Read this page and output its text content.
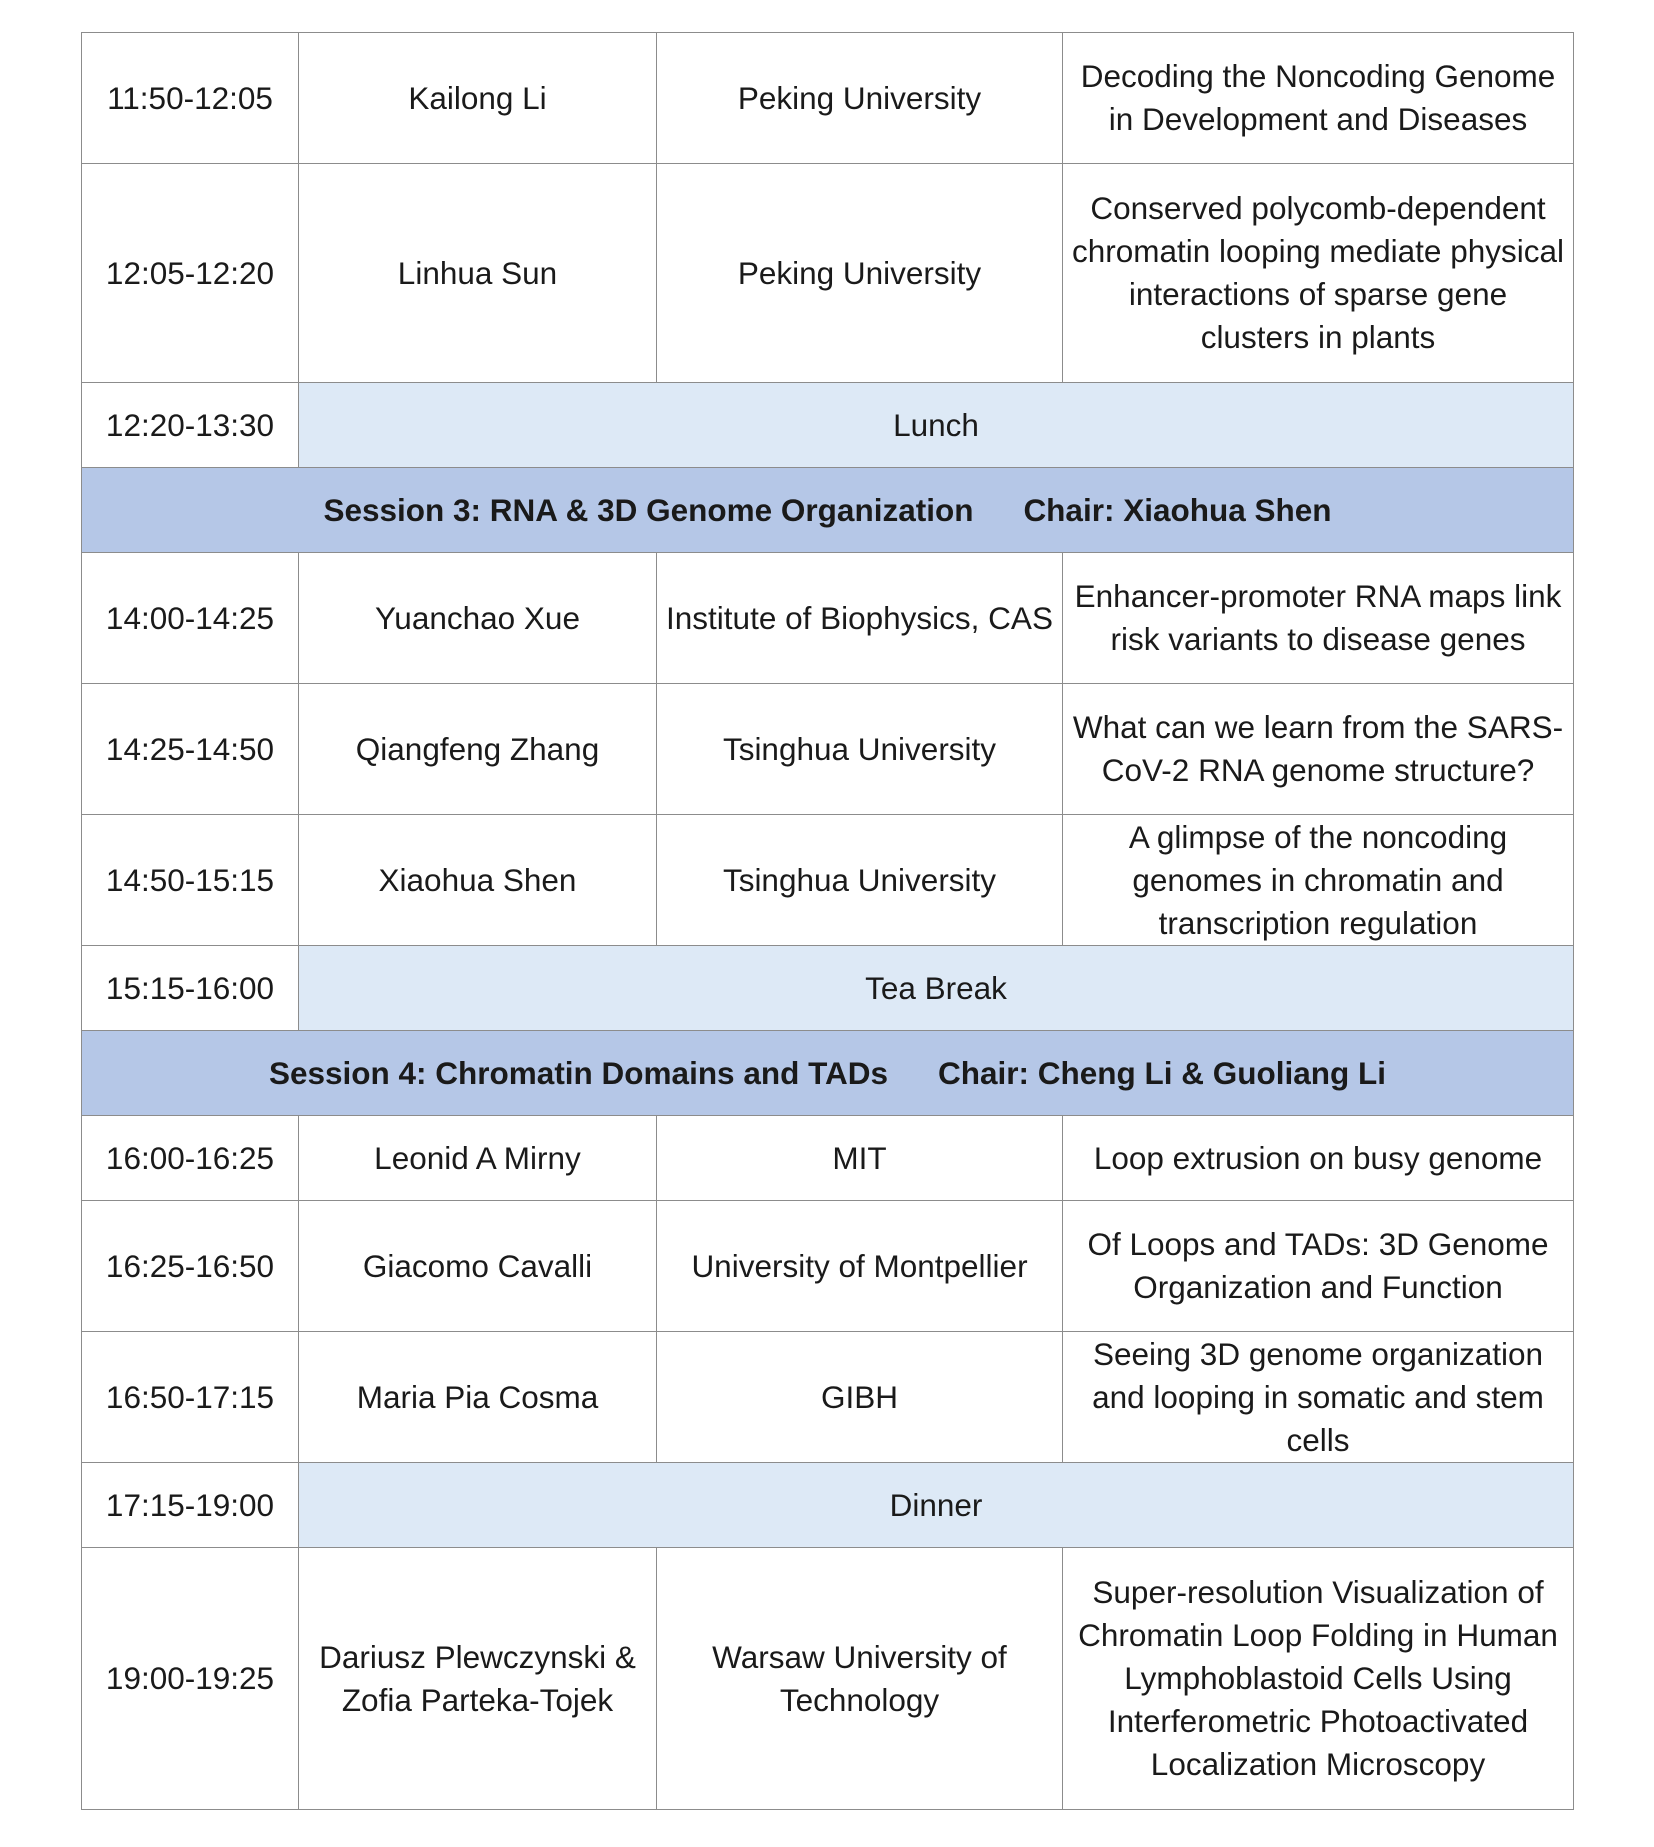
11:50-12:05	Kailong Li	Peking University	Decoding the Noncoding Genome in Development and Diseases
12:05-12:20	Linhua Sun	Peking University	Conserved polycomb-dependent chromatin looping mediate physical interactions of sparse gene clusters in plants
12:20-13:30	Lunch		
Session 3: RNA & 3D Genome Organization Chair: Xiaohua Shen			
14:00-14:25	Yuanchao Xue	Institute of Biophysics, CAS	Enhancer-promoter RNA maps link risk variants to disease genes
14:25-14:50	Qiangfeng Zhang	Tsinghua University	What can we learn from the SARS-CoV-2 RNA genome structure?
14:50-15:15	Xiaohua Shen	Tsinghua University	A glimpse of the noncoding genomes in chromatin and transcription regulation
15:15-16:00	Tea Break		
Session 4: Chromatin Domains and TADs Chair: Cheng Li & Guoliang Li			
16:00-16:25	Leonid A Mirny	MIT	Loop extrusion on busy genome
16:25-16:50	Giacomo Cavalli	University of Montpellier	Of Loops and TADs: 3D Genome Organization and Function
16:50-17:15	Maria Pia Cosma	GIBH	Seeing 3D genome organization and looping in somatic and stem cells
17:15-19:00	Dinner		
19:00-19:25	Dariusz Plewczynski & Zofia Parteka-Tojek	Warsaw University of Technology	Super-resolution Visualization of Chromatin Loop Folding in Human Lymphoblastoid Cells Using Interferometric Photoactivated Localization Microscopy
